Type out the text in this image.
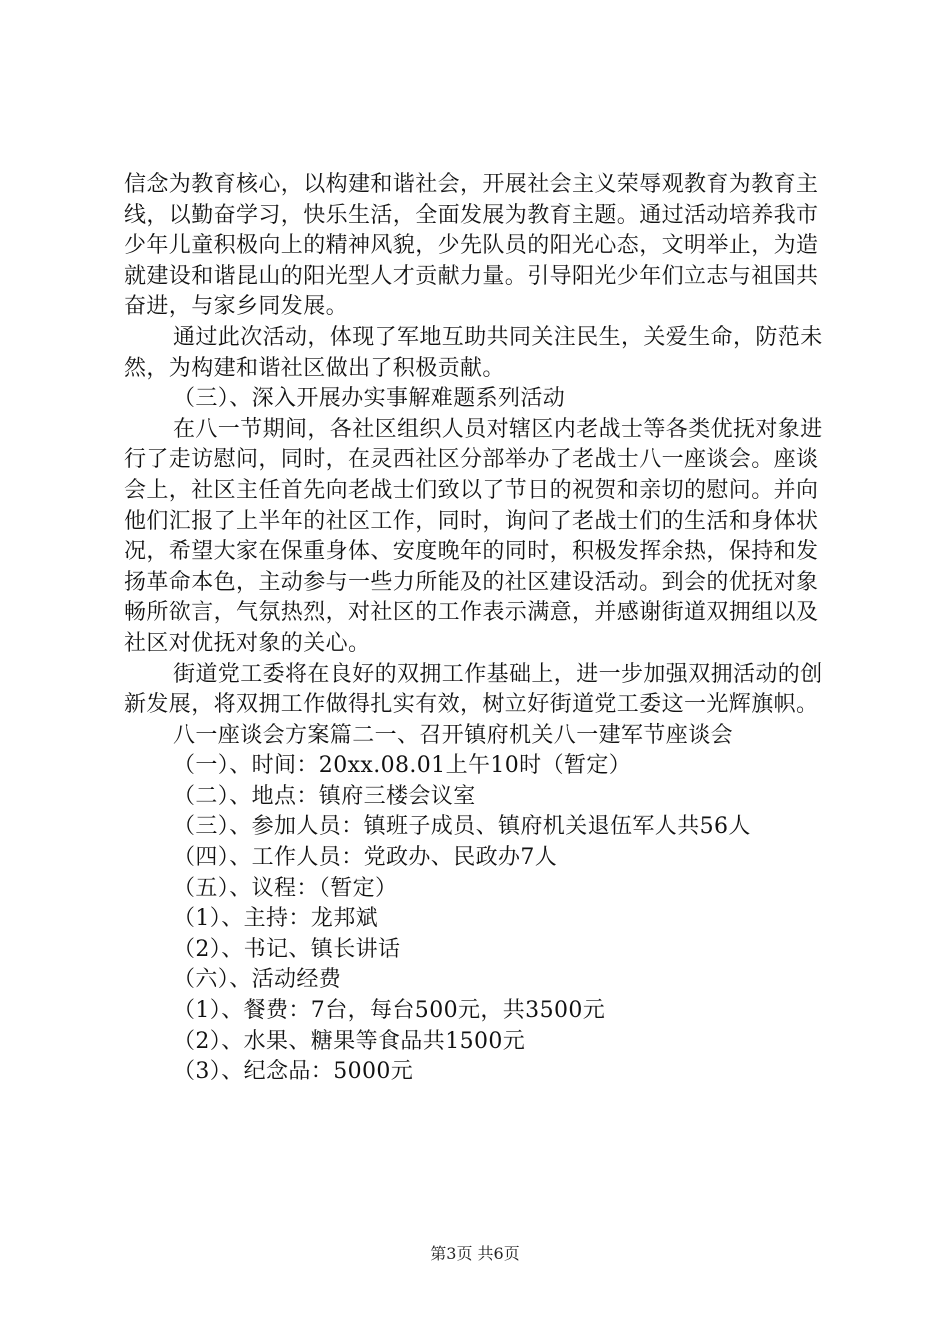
信念为教育核心，以构建和谐社会，开展社会主义荣辱观教育为教育主线，以勤奋学习，快乐生活，全面发展为教育主题。通过活动培养我市少年儿童积极向上的精神风貌，少先队员的阳光心态，文明举止，为造就建设和谐昆山的阳光型人才贡献力量。引导阳光少年们立志与祖国共奋进，与家乡同发展。

通过此次活动，体现了军地互助共同关注民生，关爱生命，防范未然，为构建和谐社区做出了积极贡献。

（三）、深入开展办实事解难题系列活动

在八一节期间，各社区组织人员对辖区内老战士等各类优抚对象进行了走访慰问，同时，在灵西社区分部举办了老战士八一座谈会。座谈会上，社区主任首先向老战士们致以了节日的祝贺和亲切的慰问。并向他们汇报了上半年的社区工作，同时，询问了老战士们的生活和身体状况，希望大家在保重身体、安度晚年的同时，积极发挥余热，保持和发扬革命本色，主动参与一些力所能及的社区建设活动。到会的优抚对象畅所欲言，气氛热烈，对社区的工作表示满意，并感谢街道双拥组以及社区对优抚对象的关心。

街道党工委将在良好的双拥工作基础上，进一步加强双拥活动的创新发展，将双拥工作做得扎实有效，树立好街道党工委这一光辉旗帜。

八一座谈会方案篇二一、召开镇府机关八一建军节座谈会

（一）、时间：20xx.08.01上午10时（暂定）

（二）、地点：镇府三楼会议室

（三）、参加人员：镇班子成员、镇府机关退伍军人共56人

（四）、工作人员：党政办、民政办7人

（五）、议程：（暂定）

（1）、主持：龙邦斌

（2）、书记、镇长讲话

（六）、活动经费

（1）、餐费：7台，每台500元，共3500元

（2）、水果、糖果等食品共1500元

（3）、纪念品：5000元

第3页 共6页
